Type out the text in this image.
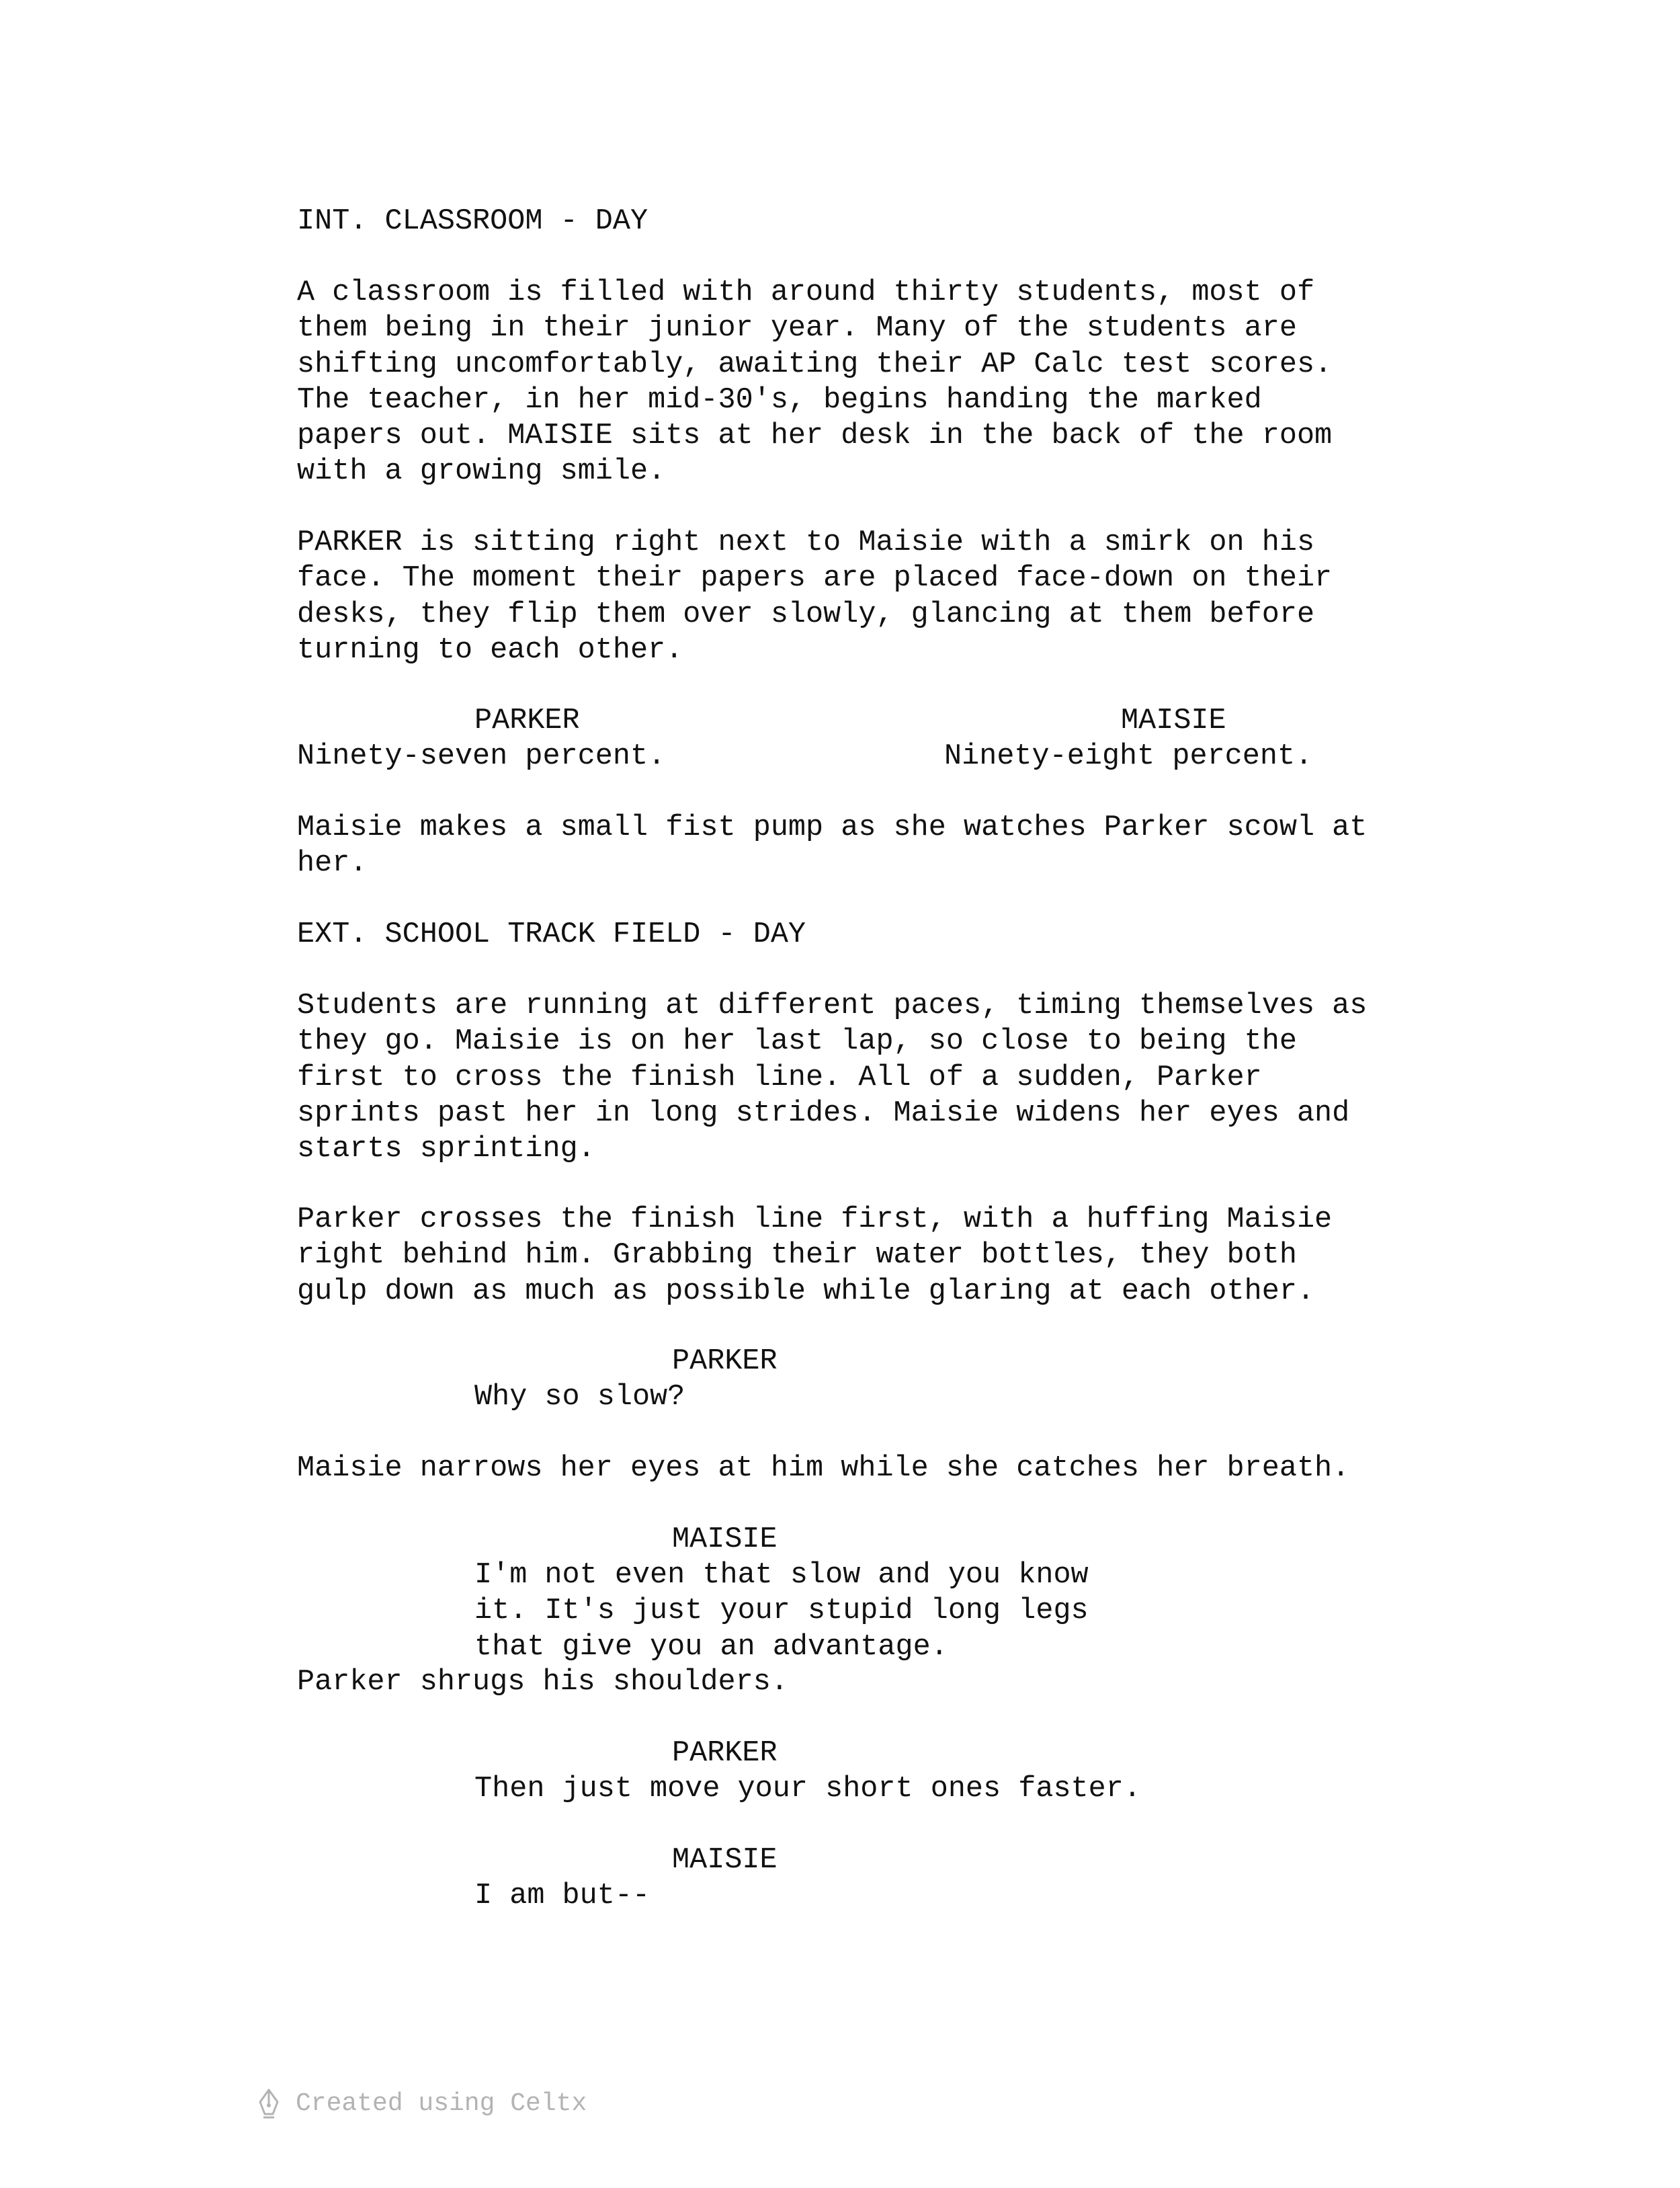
INT. CLASSROOM - DAY
A classroom is filled with around thirty students, most of
them being in their junior year. Many of the students are
shifting uncomfortably, awaiting their AP Calc test scores.
The teacher, in her mid-30's, begins handing the marked
papers out. MAISIE sits at her desk in the back of the room
with a growing smile.
PARKER is sitting right next to Maisie with a smirk on his
face. The moment their papers are placed face-down on their
desks, they flip them over slowly, glancing at them before
turning to each other.
PARKER
Ninety-seven percent.
MAISIE
Ninety-eight percent.
Maisie makes a small fist pump as she watches Parker scowl at
her.
EXT. SCHOOL TRACK FIELD - DAY
Students are running at different paces, timing themselves as
they go. Maisie is on her last lap, so close to being the
first to cross the finish line. All of a sudden, Parker
sprints past her in long strides. Maisie widens her eyes and
starts sprinting.
Parker crosses the finish line first, with a huffing Maisie
right behind him. Grabbing their water bottles, they both
gulp down as much as possible while glaring at each other.
PARKER
Why so slow?
Maisie narrows her eyes at him while she catches her breath.
MAISIE
I'm not even that slow and you know
it. It's just your stupid long legs
that give you an advantage.
Parker shrugs his shoulders.
PARKER
Then just move your short ones faster.
MAISIE
I am but--

Created using Celtx
